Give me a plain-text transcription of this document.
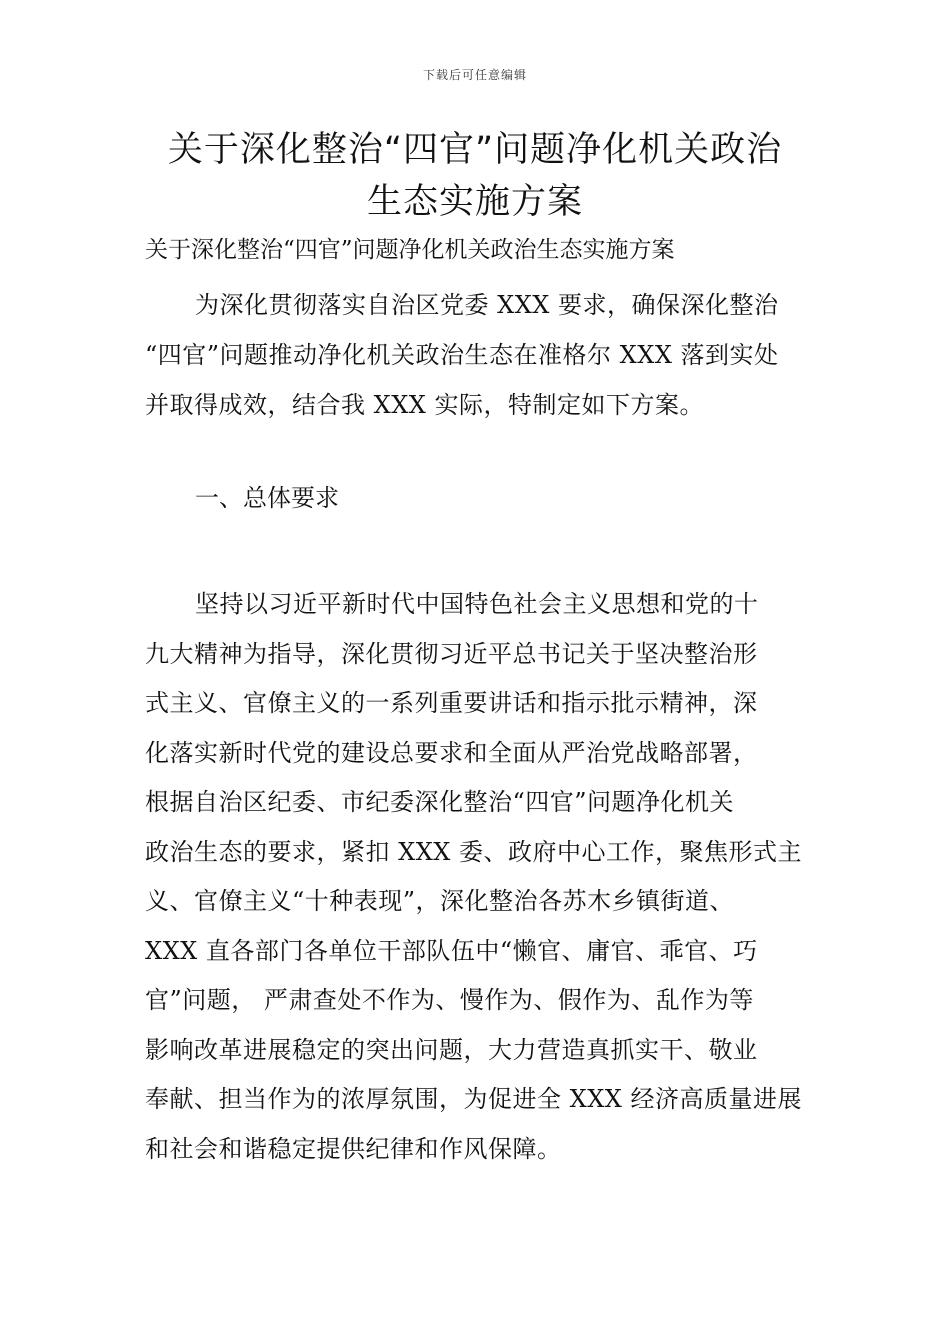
下载后可任意编辑
关于深化整治“四官”问题净化机关政治
生态实施方案
关于深化整治“四官”问题净化机关政治生态实施方案
为深化贯彻落实自治区党委 XXX 要求，确保深化整治
“四官”问题推动净化机关政治生态在准格尔 XXX 落到实处
并取得成效，结合我 XXX 实际，特制定如下方案。
一、总体要求
坚持以习近平新时代中国特色社会主义思想和党的十
九大精神为指导，深化贯彻习近平总书记关于坚决整治形
式主义、官僚主义的一系列重要讲话和指示批示精神，深
化落实新时代党的建设总要求和全面从严治党战略部署，
根据自治区纪委、市纪委深化整治“四官”问题净化机关
政治生态的要求，紧扣 XXX 委、政府中心工作，聚焦形式主
义、官僚主义“十种表现”，深化整治各苏木乡镇街道、
XXX 直各部门各单位干部队伍中“懒官、庸官、乖官、巧
官”问题， 严肃查处不作为、慢作为、假作为、乱作为等
影响改革进展稳定的突出问题，大力营造真抓实干、敬业
奉献、担当作为的浓厚氛围，为促进全 XXX 经济高质量进展
和社会和谐稳定提供纪律和作风保障。
